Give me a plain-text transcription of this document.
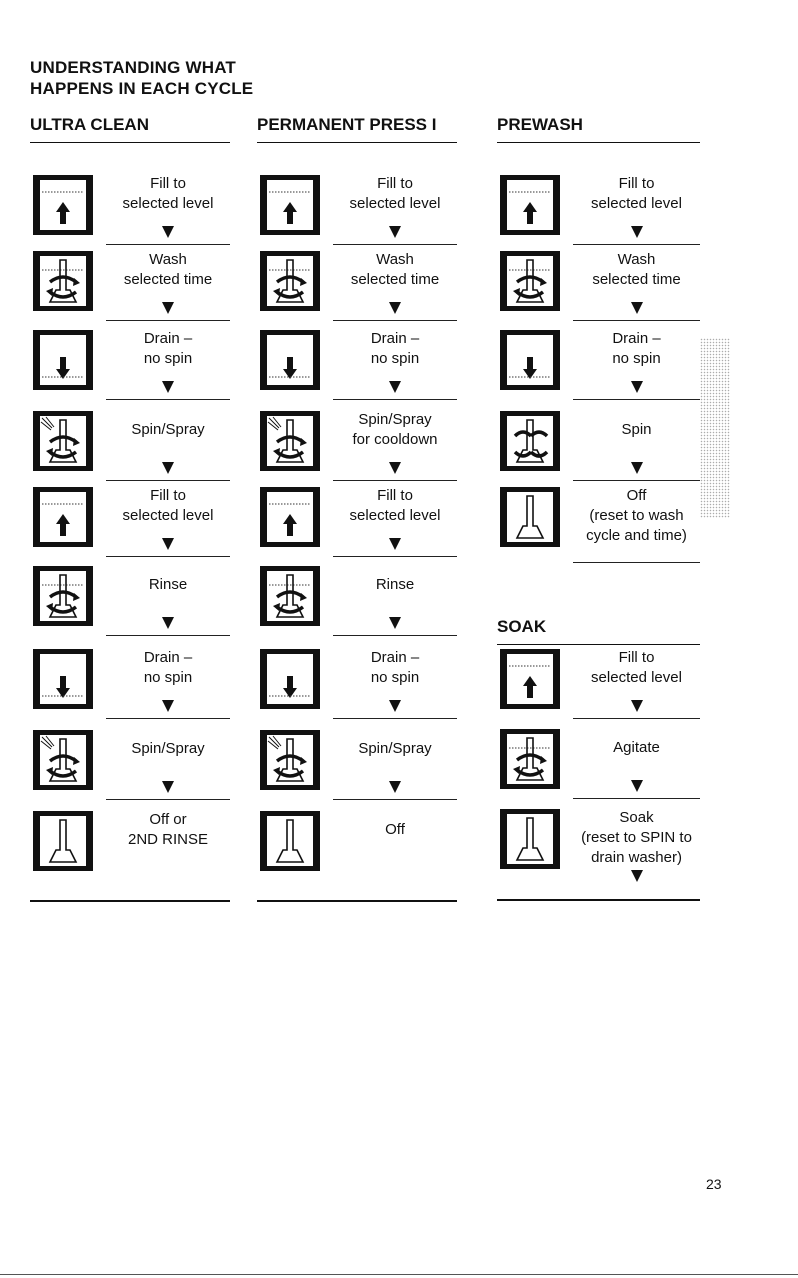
UNDERSTANDING WHAT
HAPPENS IN EACH CYCLE
ULTRA CLEAN
Fill to
selected level
Wash
selected time
Drain –
no spin
Spin/Spray
Fill to
selected level
Rinse
Drain –
no spin
Spin/Spray
Off or
2ND RINSE
PERMANENT PRESS I
Fill to
selected level
Wash
selected time
Drain –
no spin
Spin/Spray
for cooldown
Fill to
selected level
Rinse
Drain –
no spin
Spin/Spray
Off
PREWASH
Fill to
selected level
Wash
selected time
Drain –
no spin
Spin
Off
(reset to wash
cycle and time)
SOAK
Fill to
selected level
Agitate
Soak
(reset to SPIN to
drain washer)
23
